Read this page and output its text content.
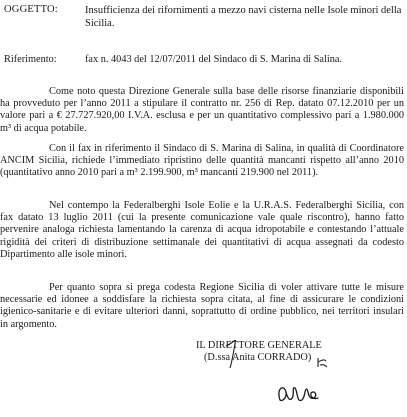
OGGETTO:	Insufficienza dei rifornimenti a mezzo navi cisterna nelle Isole minori della Sicilia.
Riferimento:	fax n. 4043 del 12/07/2011 del Sindaco di S. Marina di Salina.
Come noto questa Direzione Generale sulla base delle risorse finanziarie disponibili ha provveduto per l’anno 2011 a stipulare il contratto nr. 256 di Rep. datato 07.12.2010 per un valore pari a € 27.727.920,00 I.V.A. esclusa e per un quantitativo complessivo pari a 1.980.000 m³ di acqua potabile.
Con il fax in riferimento il Sindaco di S. Marina di Salina, in qualità di Coordinatore ANCIM Sicilia, richiede l’immediato ripristino delle quantità mancanti rispetto all’anno 2010 (quantitativo anno 2010 pari a m³ 2.199.900, m³ mancanti 219.900 nel 2011).
Nel contempo la Federalberghi Isole Eolie e la U.R.A.S. Federalberghi Sicilia, con fax datato 13 luglio 2011 (cui la presente comunicazione vale quale riscontro), hanno fatto pervenire analoga richiesta lamentando la carenza di acqua idropotabile e contestando l’attuale rigidità dei criteri di distribuzione settimanale dei quantitativi di acqua assegnati da codesto Dipartimento alle isole minori.
Per quanto sopra si prega codesta Regione Sicilia di voler attivare tutte le misure necessarie ed idonee a soddisfare la richiesta sopra citata, al fine di assicurare le condizioni igienico-sanitarie e di evitare ulteriori danni, soprattutto di ordine pubblico, nei territori insulari in argomento.
IL DIRETTORE GENERALE
(D.ssa Anita CORRADO)
